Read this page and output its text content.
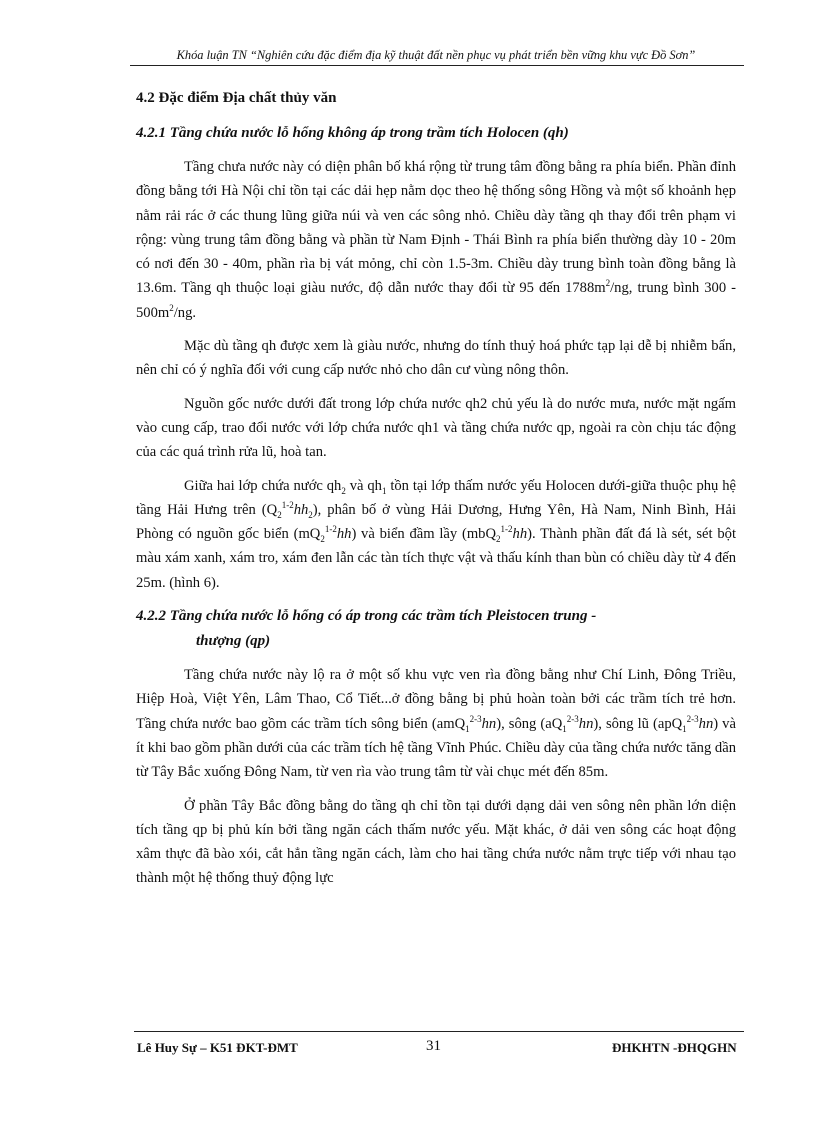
Khóa luận TN “Nghiên cứu đặc điểm địa kỹ thuật đất nền phục vụ phát triển bền vững khu vực Đồ Sơn”
4.2 Đặc điểm Địa chất thủy văn
4.2.1 Tầng chứa nước lỗ hổng không áp trong trầm tích Holocen (qh)

Tầng chưa nước này có diện phân bố khá rộng từ trung tâm đồng bằng ra phía biển. Phần đỉnh đồng bằng tới Hà Nội chỉ tồn tại các dải hẹp nằm dọc theo hệ thống sông Hồng và một số khoảnh hẹp nằm rải rác ở các thung lũng giữa núi và ven các sông nhỏ. Chiều dày tầng qh thay đổi trên phạm vi rộng: vùng trung tâm đồng bằng và phần từ Nam Định - Thái Bình ra phía biển thường dày 10 - 20m có nơi đến 30 - 40m, phần rìa bị vát mỏng, chỉ còn 1.5-3m. Chiều dày trung bình toàn đồng bằng là 13.6m. Tầng qh thuộc loại giàu nước, độ dẫn nước thay đổi từ 95 đến $1788m^2/ng$, trung bình $300 - 500m^2/ng$.

Mặc dù tầng qh được xem là giàu nước, nhưng do tính thuỷ hoá phức tạp lại dễ bị nhiễm bẩn, nên chỉ có ý nghĩa đối với cung cấp nước nhỏ cho dân cư vùng nông thôn.

Nguồn gốc nước dưới đất trong lớp chứa nước qh2 chủ yếu là do nước mưa, nước mặt ngấm vào cung cấp, trao đổi nước với lớp chứa nước qh1 và tầng chứa nước qp, ngoài ra còn chịu tác động của các quá trình rửa lũ, hoà tan.

Giữa hai lớp chứa nước $qh_2$ và $qh_1$ tồn tại lớp thấm nước yếu Holocen dưới-giữa thuộc phụ hệ tầng Hải Hưng trên $(Q_2^{1-2}hh_2)$, phân bố ở vùng Hải Dương, Hưng Yên, Hà Nam, Ninh Bình, Hải Phòng có nguồn gốc biển $(mQ_2^{1-2}hh)$ và biển đầm lầy (mbQ$_2^{1-2}$hh). Thành phần đất đá là sét, sét bột màu xám xanh, xám tro, xám đen lẫn các tàn tích thực vật và thấu kính than bùn có chiều dày từ 4 đến 25m. (hình 6).

4.2.2 Tầng chứa nước lỗ hổng có áp trong các trầm tích Pleistocen trung -
thượng (qp)

Tầng chứa nước này lộ ra ở một số khu vực ven rìa đồng bằng như Chí Linh, Đông Triều, Hiệp Hoà, Việt Yên, Lâm Thao, Cổ Tiết...ở đồng bằng bị phủ hoàn toàn bởi các trầm tích trẻ hơn. Tầng chứa nước bao gồm các trầm tích sông biển (amQ$_1^{2-3}$hn), sông $(aQ_1^{2-3}hn)$, sông lũ (apQ$_1^{2-3}$hn) và ít khi bao gồm phần dưới của các trầm tích hệ tầng Vĩnh Phúc. Chiều dày của tầng chứa nước tăng dần từ Tây Bắc xuống Đông Nam, từ ven rìa vào trung tâm từ vài chục mét đến 85m.

Ở phần Tây Bắc đồng bằng do tầng qh chỉ tồn tại dưới dạng dải ven sông nên phần lớn diện tích tầng qp bị phủ kín bởi tầng ngăn cách thấm nước yếu. Mặt khác, ở dải ven sông các hoạt động xâm thực đã bào xói, cắt hẳn tầng ngăn cách, làm cho hai tầng chứa nước nằm trực tiếp với nhau tạo thành một hệ thống thuỷ động lực

Lê Huy Sự – K51 ĐKT-ĐMT	31	ĐHKHTN -ĐHQGHN
